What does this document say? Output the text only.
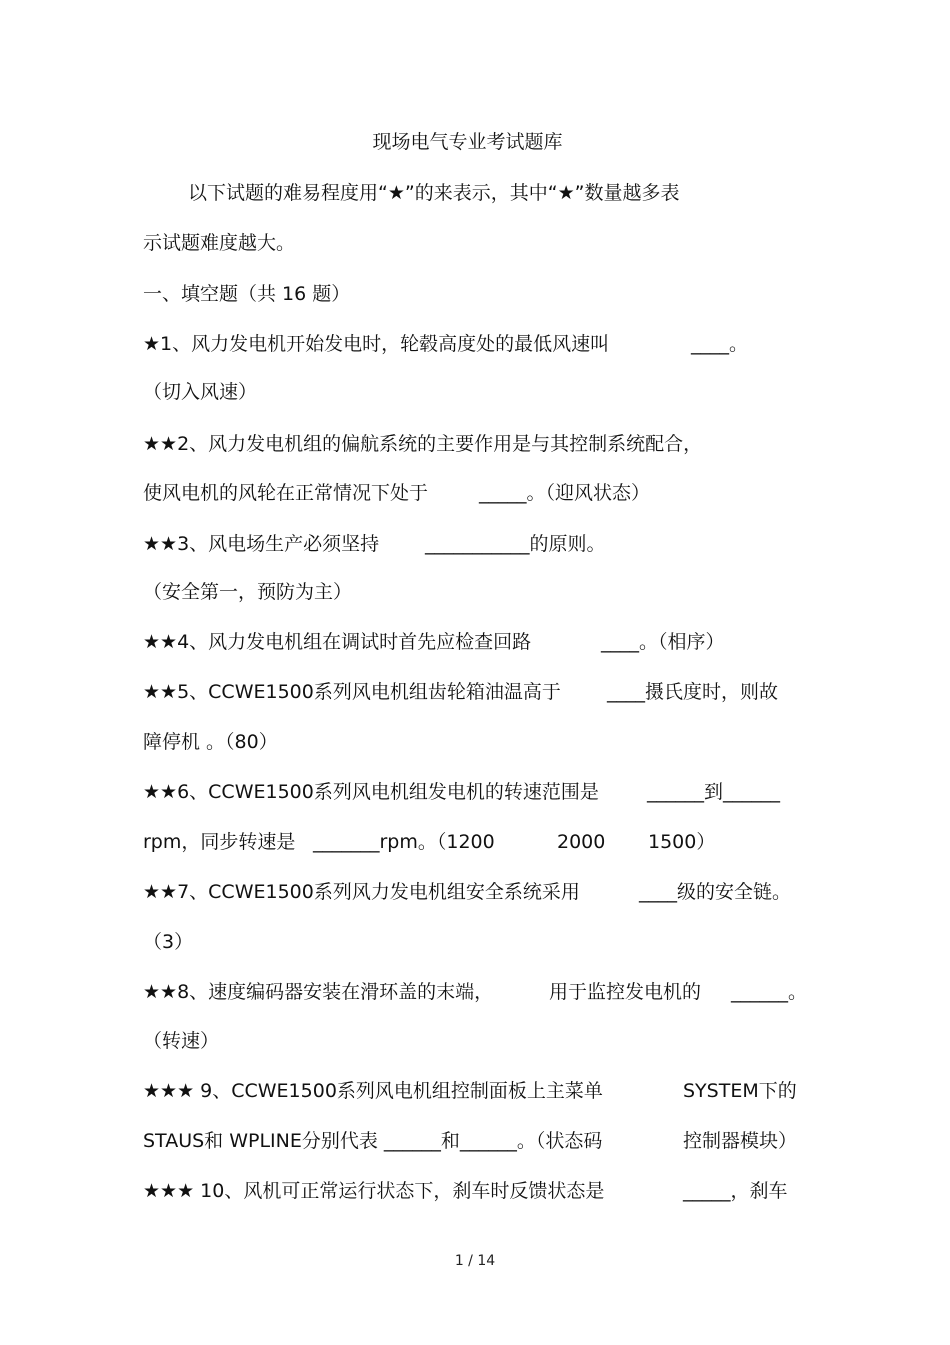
现场电气专业考试题库
以下试题的难易程度用“★”的来表示，其中“★”数量越多表
示试题难度越大。
一、填空题（共 16 题）
★1、风力发电机开始发电时，轮毂高度处的最低风速叫	____。
（切入风速）
★★2、风力发电机组的偏航系统的主要作用是与其控制系统配合，
使风电机的风轮在正常情况下处于	_____。（迎风状态）
★★3、风电场生产必须坚持 ___________的原则。
（安全第一，预防为主）
★★4、风力发电机组在调试时首先应检查回路	____。（相序）
★★5、CCWE1500系列风电机组齿轮箱油温高于 ____摄氏度时，则故
障停机 。（80）
★★6、CCWE1500系列风电机组发电机的转速范围是	______到______
rpm，同步转速是 _______rpm。（1200	2000 1500）
★★7、CCWE1500系列风力发电机组安全系统采用	____级的安全链。
（3）
★★8、速度编码器安装在滑环盖的末端，	用于监控发电机的 ______。
（转速）
★★★ 9、CCWE1500系列风电机组控制面板上主菜单	SYSTEM下的
STAUS和 WPLINE分别代表 ______和______。（状态码	控制器模块）
★★★ 10、风机可正常运行状态下，刹车时反馈状态是	_____，刹车
1 / 14
